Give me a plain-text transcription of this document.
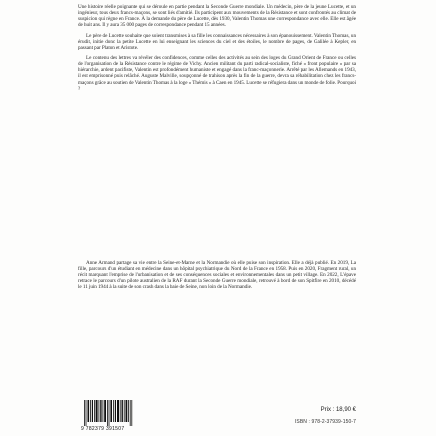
Une histoire réelle poignante qui se déroule en partie pendant la Seconde Guerre mondiale. Un médecin, père de la jeune Lucette, et un ingénieur, tous deux francs-maçons, se sont liés d'amitié. Ils participent aux mouvements de la Résistance et sont confrontés au climat de suspicion qui règne en France. À la demande du père de Lucette, dès 1930, Valentin Thomas une correspondance avec elle. Elle est âgée de huit ans. Il y aura 35 000 pages de correspondance pendant 15 années.

Le père de Lucette souhaite que soient transmises à sa fille les connaissances nécessaires à son épanouissement. Valentin Thomas, un érudit, initie donc la petite Lucette en lui enseignant les sciences du ciel et des étoiles, le nombre de pages, de Galilée à Kepler, en passant par Platon et Aristote.

Le contenu des lettres va révéler des confidences, comme celles des activités au sein des loges du Grand Orient de France ou celles de l'organisation de la Résistance contre le régime de Vichy. Ancien militant du parti radical-socialiste, fiché « front populaire » par sa hiérarchie, ardent pacifiste, Valentin est profondément humaniste et engagé dans la franc-maçonnerie. Arrêté par les Allemands en 1943, il est emprisonné puis relâché. Auguste Malville, soupçonné de trahison après la fin de la guerre, devra sa réhabilitation chez les francs-maçons grâce au soutien de Valentin Thomas à la loge « Thémis » à Caen en 1945. Lucette se réfugiera dans un monde de folie. Pourquoi ?

Anne Armand partage sa vie entre la Seine-et-Marne et la Normandie où elle puise son inspiration. Elle a déjà publié. En 2019, La fille, parcours d'un étudiant en médecine dans un hôpital psychiatrique du Nord de la France en 1958. Puis en 2020, Fragment rural, un récit marquant l'emprise de l'urbanisation et de ses conséquences sociales et environnementales dans un petit village. En 2022, L'épave retrace le parcours d'un pilote australien de la RAF durant la Seconde Guerre mondiale, retrouvé à bord de son Spitfire en 2010, décédé le 11 juin 1944 à la suite de son crash dans la baie de Seine, non loin de la Normandie.

9 782379 391507
Prix : 18,90 €
ISBN : 978-2-37939-150-7
